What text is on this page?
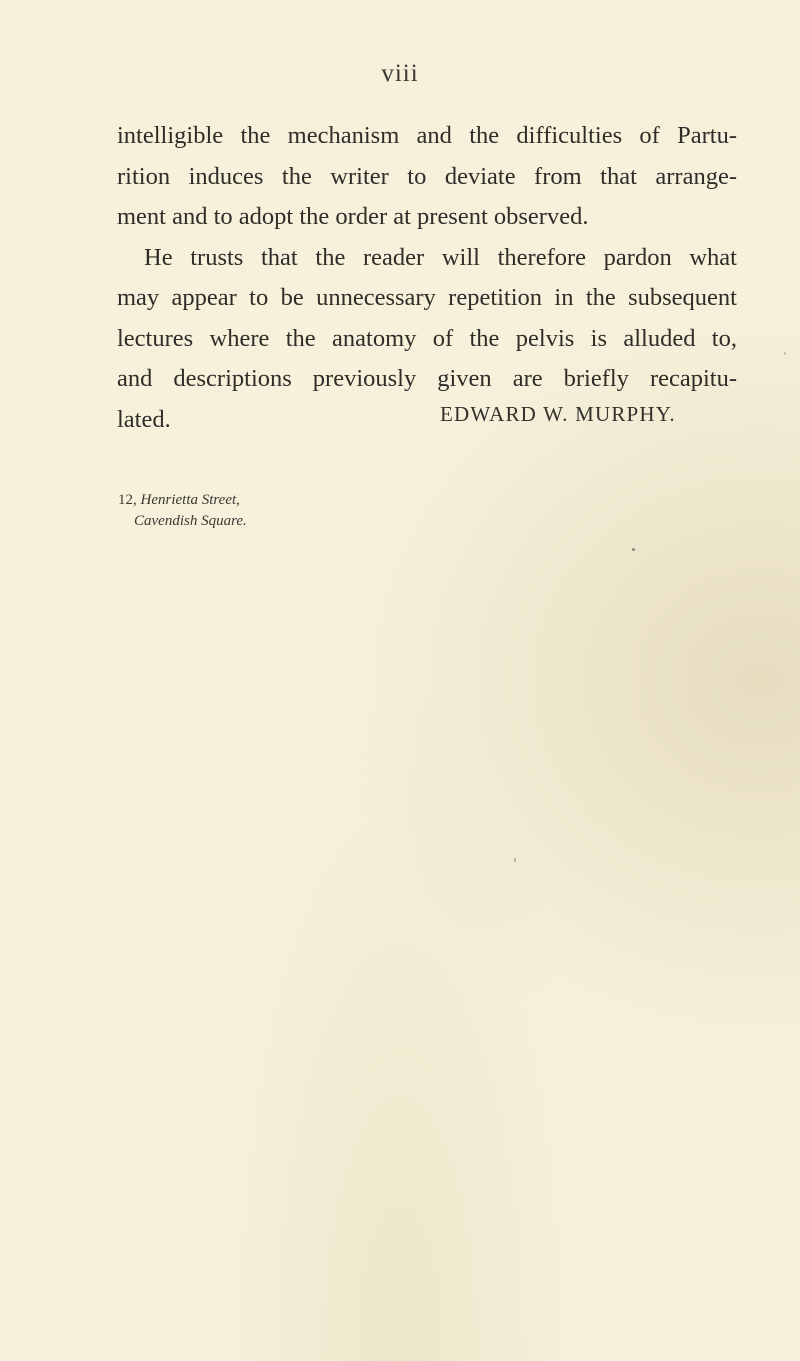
viii

intelligible the mechanism and the difficulties of Partu-
rition induces the writer to deviate from that arrange-
ment and to adopt the order at present observed.

He trusts that the reader will therefore pardon what
may appear to be unnecessary repetition in the subsequent
lectures where the anatomy of the pelvis is alluded to,
and descriptions previously given are briefly recapitu-
lated.	EDWARD W. MURPHY.
12, Henrietta Street,
Cavendish Square.
